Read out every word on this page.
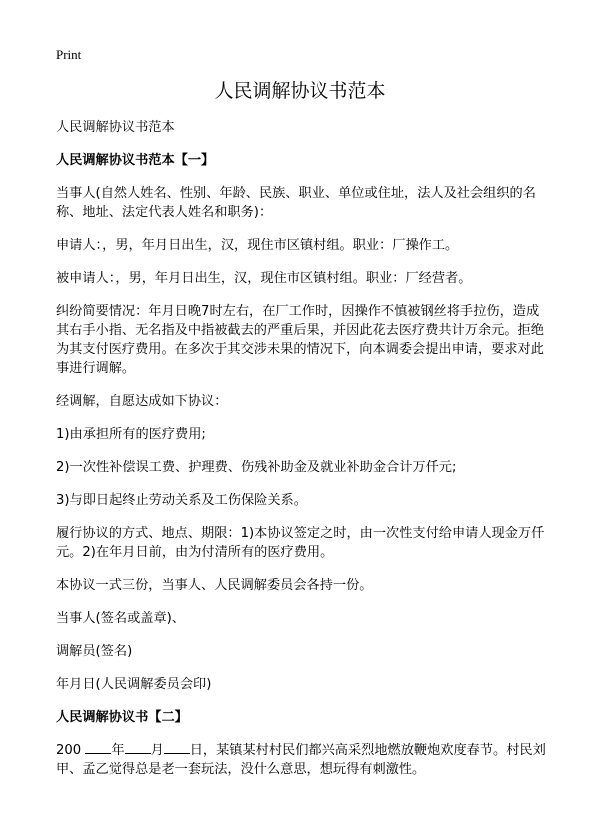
Print
人民调解协议书范本

人民调解协议书范本

人民调解协议书范本【一】

当事人(自然人姓名、性别、年龄、民族、职业、单位或住址，法人及社会组织的名称、地址、法定代表人姓名和职务)：

申请人：，男，年月日出生，汉，现住市区镇村组。职业：厂操作工。

被申请人：，男，年月日出生，汉，现住市区镇村组。职业：厂经营者。

纠纷简要情况：年月日晚7时左右，在厂工作时，因操作不慎被钢丝将手拉伤，造成其右手小指、无名指及中指被截去的严重后果，并因此花去医疗费共计万余元。拒绝为其支付医疗费用。在多次于其交涉未果的情况下，向本调委会提出申请，要求对此事进行调解。

经调解，自愿达成如下协议：

1)由承担所有的医疗费用;

2)一次性补偿误工费、护理费、伤残补助金及就业补助金合计万仟元;

3)与即日起终止劳动关系及工伤保险关系。

履行协议的方式、地点、期限：1)本协议签定之时，由一次性支付给申请人现金万仟元。2)在年月日前，由为付清所有的医疗费用。

本协议一式三份，当事人、人民调解委员会各持一份。

当事人(签名或盖章)、

调解员(签名)

年月日(人民调解委员会印)

人民调解协议书【二】

200 年 月 日，某镇某村村民们都兴高采烈地燃放鞭炮欢度春节。村民刘甲、孟乙觉得总是老一套玩法，没什么意思，想玩得有刺激性。
